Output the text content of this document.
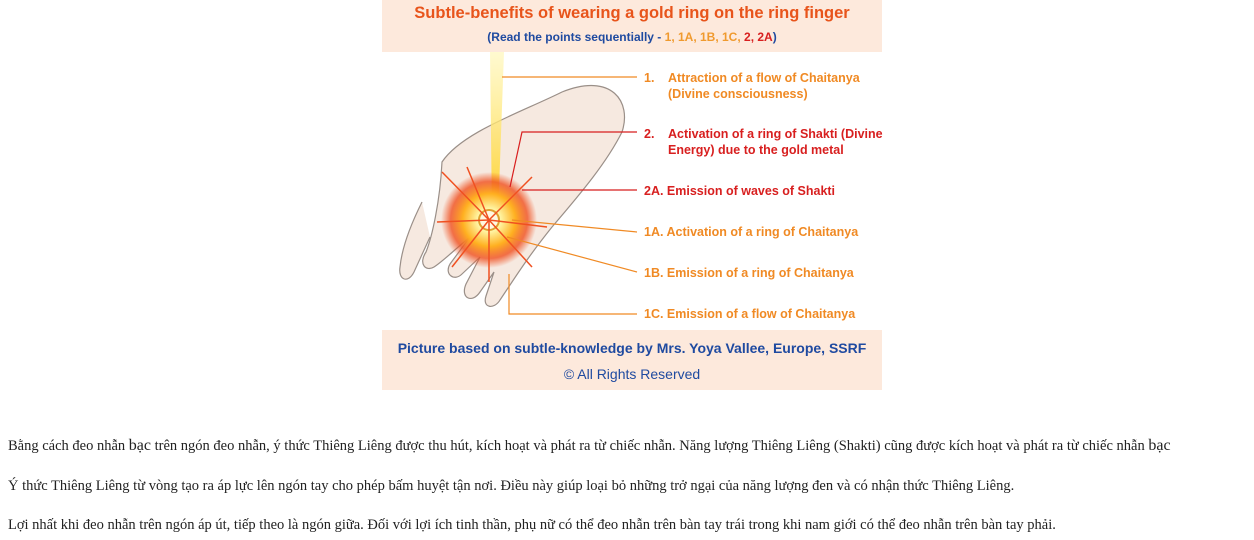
Subtle-benefits of wearing a gold ring on the ring finger
(Read the points sequentially - 1, 1A, 1B, 1C, 2, 2A)
1. Attraction of a flow of Chaitanya
(Divine consciousness)
2. Activation of a ring of Shakti (Divine
Energy) due to the gold metal
2A. Emission of waves of Shakti
1A. Activation of a ring of Chaitanya
1B. Emission of a ring of Chaitanya
1C. Emission of a flow of Chaitanya
Picture based on subtle-knowledge by Mrs. Yoya Vallee, Europe, SSRF
© All Rights Reserved
Bằng cách đeo nhẫn bạc trên ngón đeo nhẫn, ý thức Thiêng Liêng được thu hút, kích hoạt và phát ra từ chiếc nhẫn. Năng lượng Thiêng Liêng (Shakti) cũng được kích hoạt và phát ra từ chiếc nhẫn bạc
Ý thức Thiêng Liêng từ vòng tạo ra áp lực lên ngón tay cho phép bấm huyệt tận nơi. Điều này giúp loại bỏ những trở ngại của năng lượng đen và có nhận thức Thiêng Liêng.
Lợi nhất khi đeo nhẫn trên ngón áp út, tiếp theo là ngón giữa. Đối với lợi ích tinh thần, phụ nữ có thể đeo nhẫn trên bàn tay trái trong khi nam giới có thể đeo nhẫn trên bàn tay phải.
